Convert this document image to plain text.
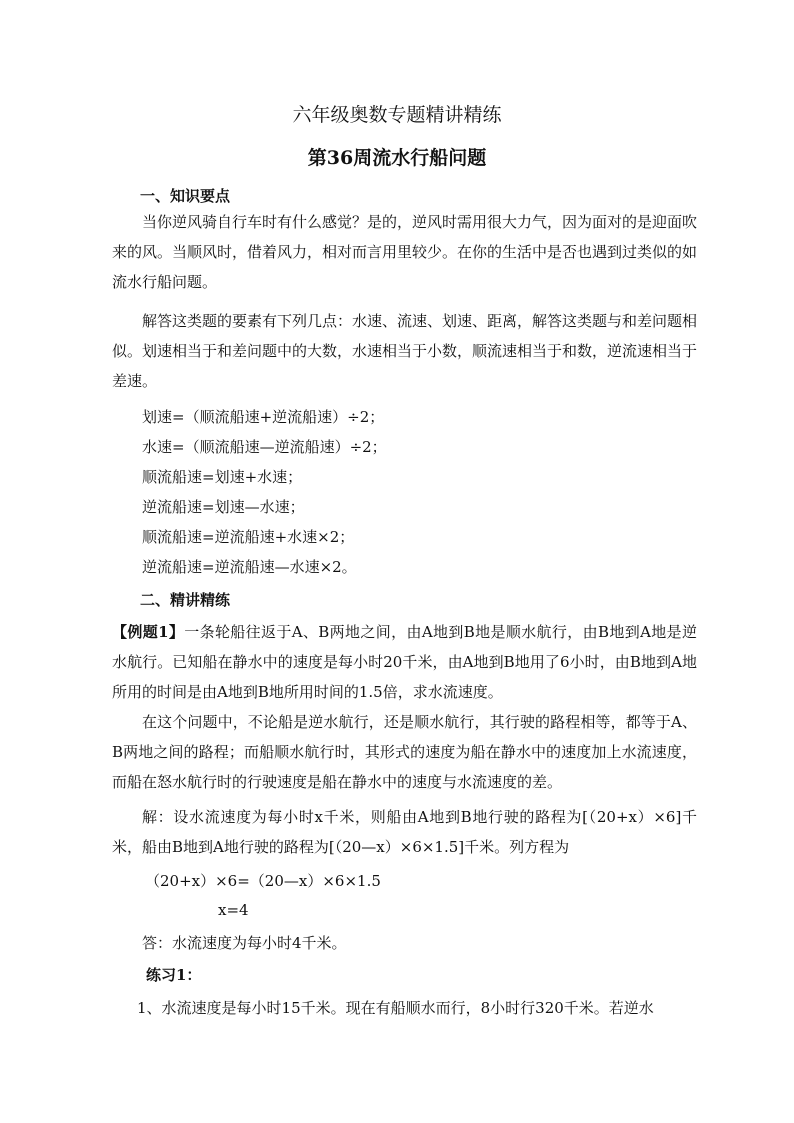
六年级奥数专题精讲精练
第36周流水行船问题
一、知识要点
当你逆风骑自行车时有什么感觉？是的，逆风时需用很大力气，因为面对的是迎面吹来的风。当顺风时，借着风力，相对而言用里较少。在你的生活中是否也遇到过类似的如流水行船问题。
解答这类题的要素有下列几点：水速、流速、划速、距离，解答这类题与和差问题相似。划速相当于和差问题中的大数，水速相当于小数，顺流速相当于和数，逆流速相当于差速。
划速=（顺流船速+逆流船速）÷2；
水速=（顺流船速—逆流船速）÷2；
顺流船速=划速+水速；
逆流船速=划速—水速；
顺流船速=逆流船速+水速×2；
逆流船速=逆流船速—水速×2。
二、精讲精练
【例题1】一条轮船往返于A、B两地之间，由A地到B地是顺水航行，由B地到A地是逆水航行。已知船在静水中的速度是每小时20千米，由A地到B地用了6小时，由B地到A地所用的时间是由A地到B地所用时间的1.5倍，求水流速度。
在这个问题中，不论船是逆水航行，还是顺水航行，其行驶的路程相等，都等于A、B两地之间的路程；而船顺水航行时，其形式的速度为船在静水中的速度加上水流速度，而船在怒水航行时的行驶速度是船在静水中的速度与水流速度的差。
解：设水流速度为每小时x千米，则船由A地到B地行驶的路程为[（20+x）×6]千米，船由B地到A地行驶的路程为[（20—x）×6×1.5]千米。列方程为
（20+x）×6=（20—x）×6×1.5
x=4
答：水流速度为每小时4千米。
练习1：
1、水流速度是每小时15千米。现在有船顺水而行，8小时行320千米。若逆水
